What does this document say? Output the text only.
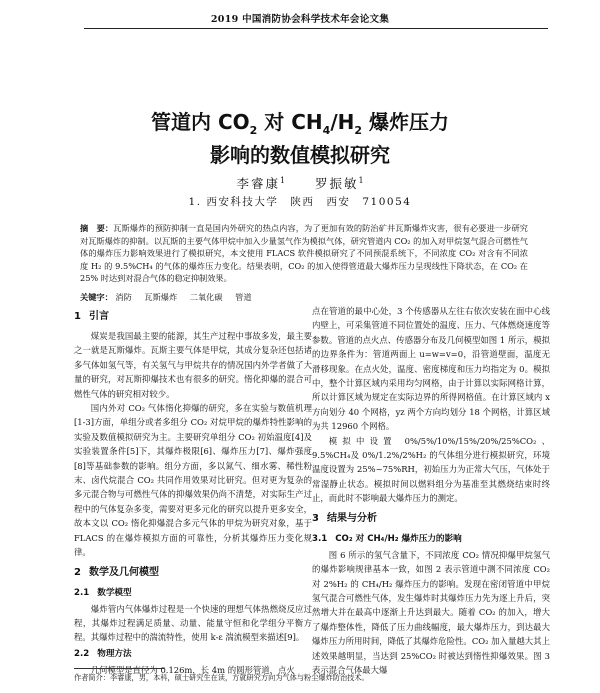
2019 中国消防协会科学技术年会论文集
管道内 $CO_2$ 对 $CH_4/H_2$ 爆炸压力
影响的数值模拟研究
李睿康$^1$ 罗振敏$^1$
1. 西安科技大学　陕西　西安　710054
摘　要：瓦斯爆炸的预防抑制一直是国内外研究的热点内容，为了更加有效的防治矿井瓦斯爆炸灾害，很有必要进一步研究对瓦斯爆炸的抑制。以瓦斯的主要气体甲烷中加入少量氢气作为模拟气体，研究管道内 CO₂ 的加入对甲烷氢气混合可燃性气体的爆炸压力影响效果进行了模拟研究，本文使用 FLACS 软件模拟研究了不同预混系统下，不同浓度 CO₂ 对含有不同浓度 H₂ 的 9.5%CH₄ 的气体的爆炸压力变化。结果表明，CO₂ 的加入使得管道最大爆炸压力呈现线性下降状态，在 CO₂ 在 25% 时达到对混合气体的稳定抑制效果。
关键字： 消防 瓦斯爆炸 二氧化碳 管道
1 引言

煤炭是我国最主要的能源，其生产过程中事故多发，最主要之一就是瓦斯爆炸。瓦斯主要气体是甲烷，其成分复杂还包括诸多气体如氢气等，有关氢气与甲烷共存的情况国内外学者做了大量的研究，对瓦斯抑爆技术也有很多的研究。惰化抑爆的混合可燃性气体的研究相对较少。

国内外对 CO₂ 气体惰化抑爆的研究，多在实验与数值机理[1-3]方面，单组分或者多组分 CO₂ 对烷甲烷的爆炸特性影响的实验及数值模拟研究为主。主要研究单组分 CO₂ 初始温度[4]及实验装置条件[5]下，其爆炸极限[6]、爆炸压力[7]、爆炸强度[8]等基础参数的影响。组分方面，多以氮气、细水雾、稀性粉末、卤代烷混合 CO₂ 共同作用效果对比研究。但对更为复杂的多元混合物与可燃性气体的抑爆效果仍尚不清楚，对实际生产过程中的气体复杂多变，需要对更多元化的研究以提升更多安全，故本文以 CO₂ 惰化抑爆混合多元气体的甲烷为研究对象，基于 FLACS 的在爆炸模拟方面的可靠性，分析其爆炸压力变化规律。

2 数学及几何模型
2.1 数学模型

爆炸管内气体爆炸过程是一个快速的理想气体热燃烧反应过程，其爆炸过程满足质量、动量、能量守恒和化学组分平衡方程。其爆炸过程中的湍流特性，使用 k-ε 湍流模型来描述[9]。

2.2 物理方法

几何模型是直径为 0.126m，长 4m 的圆形管道，点火

点在管道的最中心处，3 个传感器从左往右依次安装在面中心线内壁上，可采集管道不同位置处的温度、压力、气体燃烧速度等参数。管道的点火点、传感器分布及几何模型如图 1 所示，模拟的边界条件为：管道两面上 u=w=v=0，沿管道壁面，温度无滑移现象。在点火处，温度、密度梯度和压力均指定为 0。模拟中，整个计算区域内采用均匀网格，由于计算以实际网格计算，所以计算区域为规定在实际边界的所得网格值。在计算区域内 x 方向划分 40 个网格，yz 两个方向均划分 18 个网格，计算区域为共 12960 个网格。

模拟中设置 0%/5%/10%/15%/20%/25%CO₂、9.5%CH₄及 0%/1.2%/2%H₂ 的气体组分进行模拟研究，环境温度设置为 25%~75%RH，初始压力为正常大气压，气体处于常湿静止状态。模拟时间以燃料组分为基准至其燃烧结束时终止，而此时不影响最大爆炸压力的测定。

3 结果与分析
3.1 CO₂ 对 CH₄/H₂ 爆炸压力的影响

图 6 所示的氢气含量下，不同浓度 CO₂ 情况抑爆甲烷氢气的爆炸影响规律基本一致，如图 2 表示管道中测不同浓度 CO₂ 对 2%H₂ 的 CH₄/H₂ 爆炸压力的影响。发现在密闭管道中甲烷氢气混合可燃性气体，发生爆炸时其爆炸压力先为逐上升后，突然增大并在最高中逐渐上升达到最大。随着 CO₂ 的加入，增大了爆炸整体性，降低了压力曲线幅度，最大爆炸压力，到达最大爆炸压力所用时间，降低了其爆炸危险性。CO₂ 加入量越大其上述效果越明显，当达到 25%CO₂ 时被达到惰性抑爆效果。图 3 表示混合气体最大爆

作者简介：李睿康，男，本科，硕士研究生在读，方就研究方向为气体与粉尘爆炸防治技术。
